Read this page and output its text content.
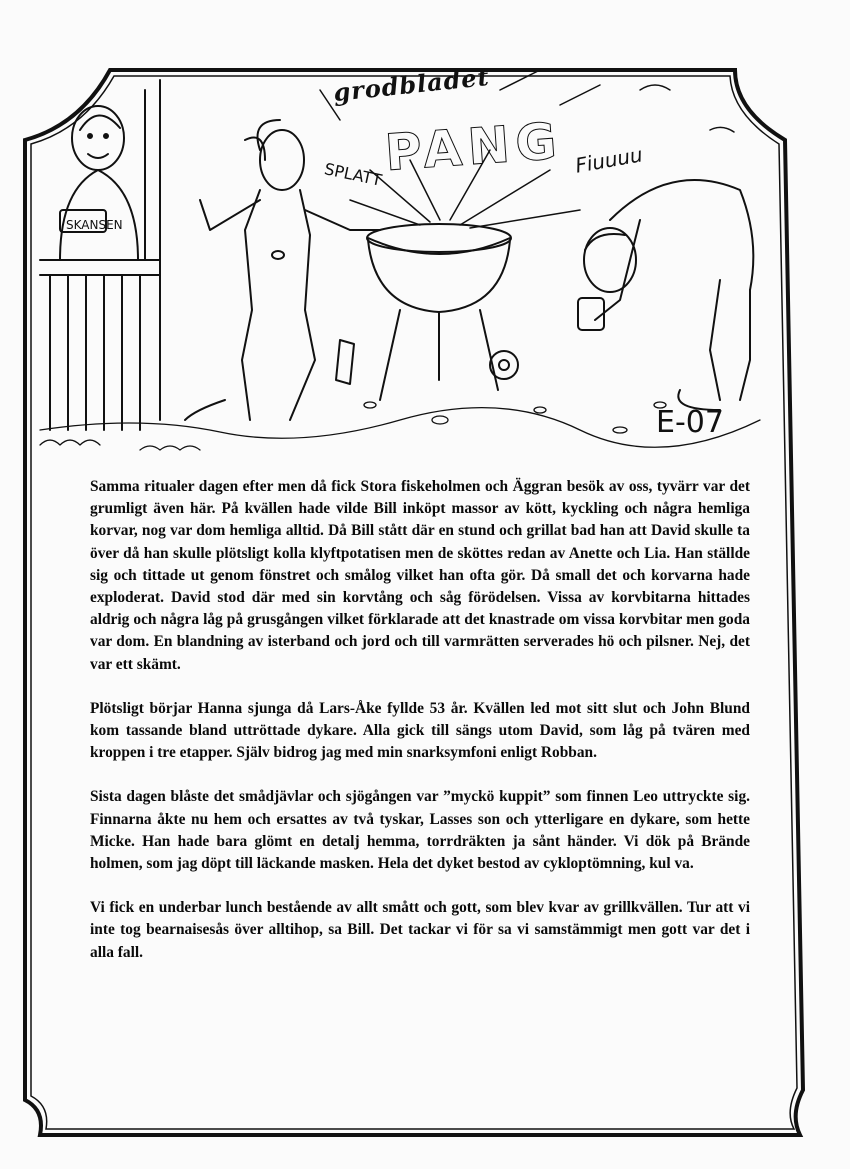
grodbladet
PANG
SPLATT	Fiuuuu
SKANSEN
E-07

Samma ritualer dagen efter men då fick Stora fiskeholmen och Äggran besök av oss, tyvärr var det grumligt även här. På kvällen hade vilde Bill inköpt massor av kött, kyckling och några hemliga korvar, nog var dom hemliga alltid. Då Bill stått där en stund och grillat bad han att David skulle ta över då han skulle plötsligt kolla klyftpotatisen men de sköttes redan av Anette och Lia. Han ställde sig och tittade ut genom fönstret och smålog vilket han ofta gör. Då small det och korvarna hade exploderat. David stod där med sin korvtång och såg förödelsen. Vissa av korvbitarna hittades aldrig och några låg på grusgången vilket förklarade att det knastrade om vissa korvbitar men goda var dom. En blandning av isterband och jord och till varmrätten serverades hö och pilsner. Nej, det var ett skämt.

Plötsligt börjar Hanna sjunga då Lars-Åke fyllde 53 år. Kvällen led mot sitt slut och John Blund kom tassande bland uttröttade dykare. Alla gick till sängs utom David, som låg på tvären med kroppen i tre etapper. Själv bidrog jag med min snarksymfoni enligt Robban.

Sista dagen blåste det smådjävlar och sjögången var ”myckö kuppit” som finnen Leo uttryckte sig. Finnarna åkte nu hem och ersattes av två tyskar, Lasses son och ytterligare en dykare, som hette Micke. Han hade bara glömt en detalj hemma, torrdräkten ja sånt händer. Vi dök på Brände holmen, som jag döpt till läckande masken. Hela det dyket bestod av cykloptömning, kul va.

Vi fick en underbar lunch bestående av allt smått och gott, som blev kvar av grillkvällen. Tur att vi inte tog bearnaisesås över alltihop, sa Bill. Det tackar vi för sa vi samstämmigt men gott var det i alla fall.
